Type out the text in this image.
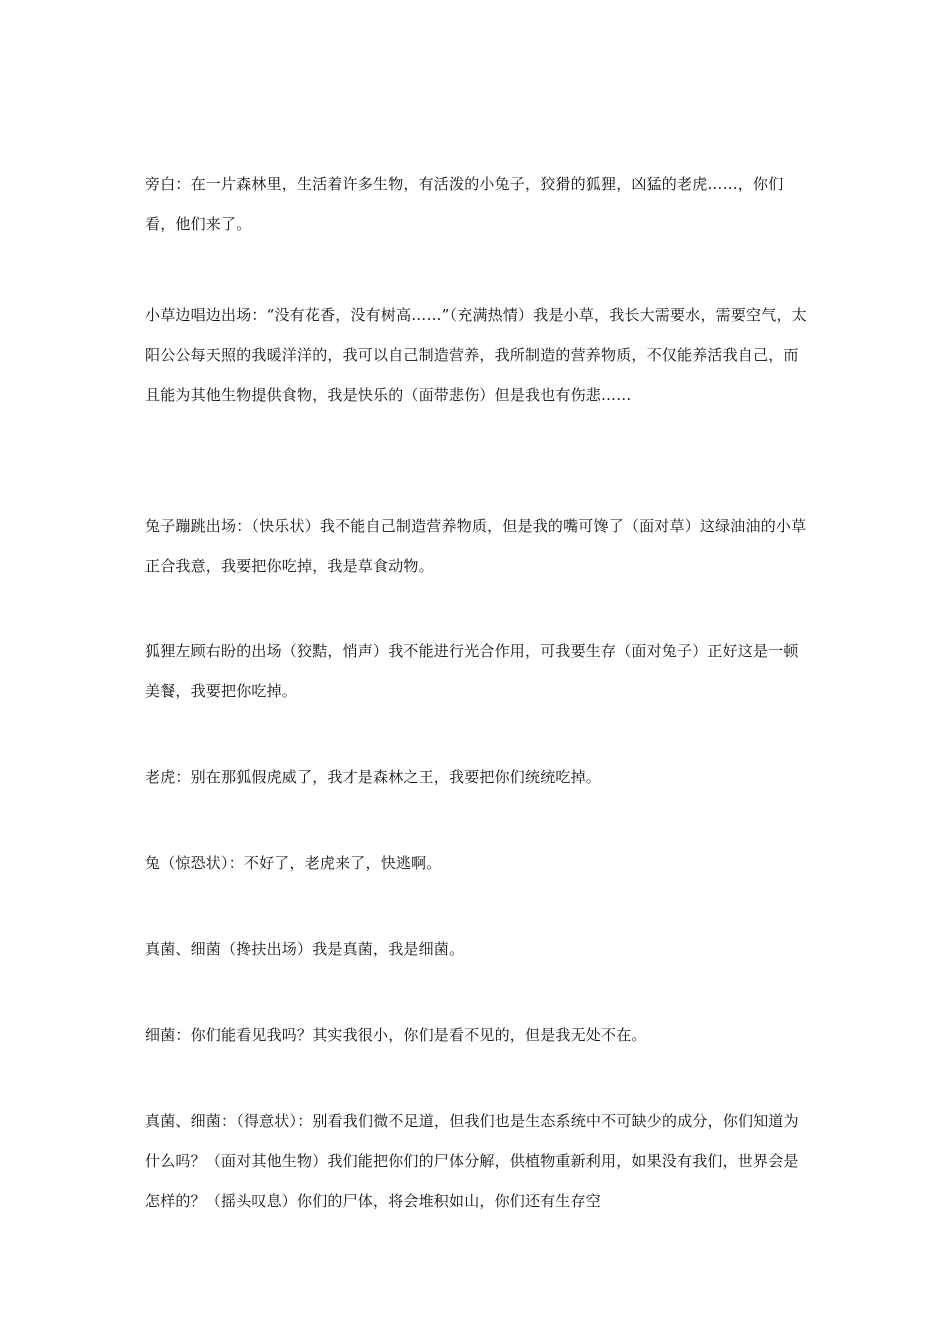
旁白：在一片森林里，生活着许多生物，有活泼的小兔子，狡猾的狐狸，凶猛的老虎……，你们看，他们来了。

小草边唱边出场：“没有花香，没有树高……”（充满热情）我是小草，我长大需要水，需要空气，太阳公公每天照的我暖洋洋的，我可以自己制造营养，我所制造的营养物质，不仅能养活我自己，而且能为其他生物提供食物，我是快乐的（面带悲伤）但是我也有伤悲……

兔子蹦跳出场：（快乐状）我不能自己制造营养物质，但是我的嘴可馋了（面对草）这绿油油的小草正合我意，我要把你吃掉，我是草食动物。

狐狸左顾右盼的出场（狡黠，悄声）我不能进行光合作用，可我要生存（面对兔子）正好这是一顿美餐，我要把你吃掉。

老虎：别在那狐假虎威了，我才是森林之王，我要把你们统统吃掉。

兔（惊恐状）：不好了，老虎来了，快逃啊。

真菌、细菌（搀扶出场）我是真菌，我是细菌。

细菌：你们能看见我吗？其实我很小，你们是看不见的，但是我无处不在。

真菌、细菌：（得意状）：别看我们微不足道，但我们也是生态系统中不可缺少的成分，你们知道为什么吗？（面对其他生物）我们能把你们的尸体分解，供植物重新利用，如果没有我们，世界会是怎样的？（摇头叹息）你们的尸体，将会堆积如山，你们还有生存空
